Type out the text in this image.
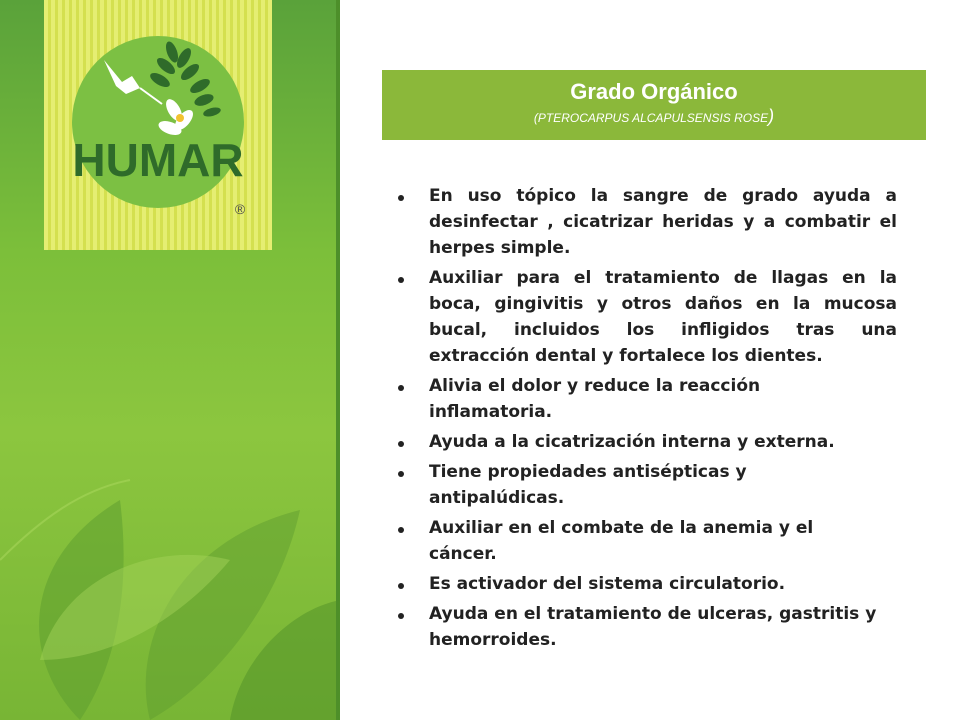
HUMAR
®
Grado Orgánico
(PTEROCARPUS ALCAPULSENSIS ROSE)
En uso tópico la sangre de grado ayuda a desinfectar , cicatrizar heridas y a combatir el herpes simple.
Auxiliar para el tratamiento de llagas en la boca, gingivitis y otros daños en la mucosa bucal, incluidos los infligidos tras una extracción dental y fortalece los dientes.
Alivia el dolor y reduce la reacción inflamatoria.
Ayuda a la cicatrización interna y externa.
Tiene propiedades antisépticas y antipalúdicas.
Auxiliar en el combate de la anemia y el cáncer.
Es activador del sistema circulatorio.
Ayuda en el tratamiento de ulceras, gastritis y hemorroides.
